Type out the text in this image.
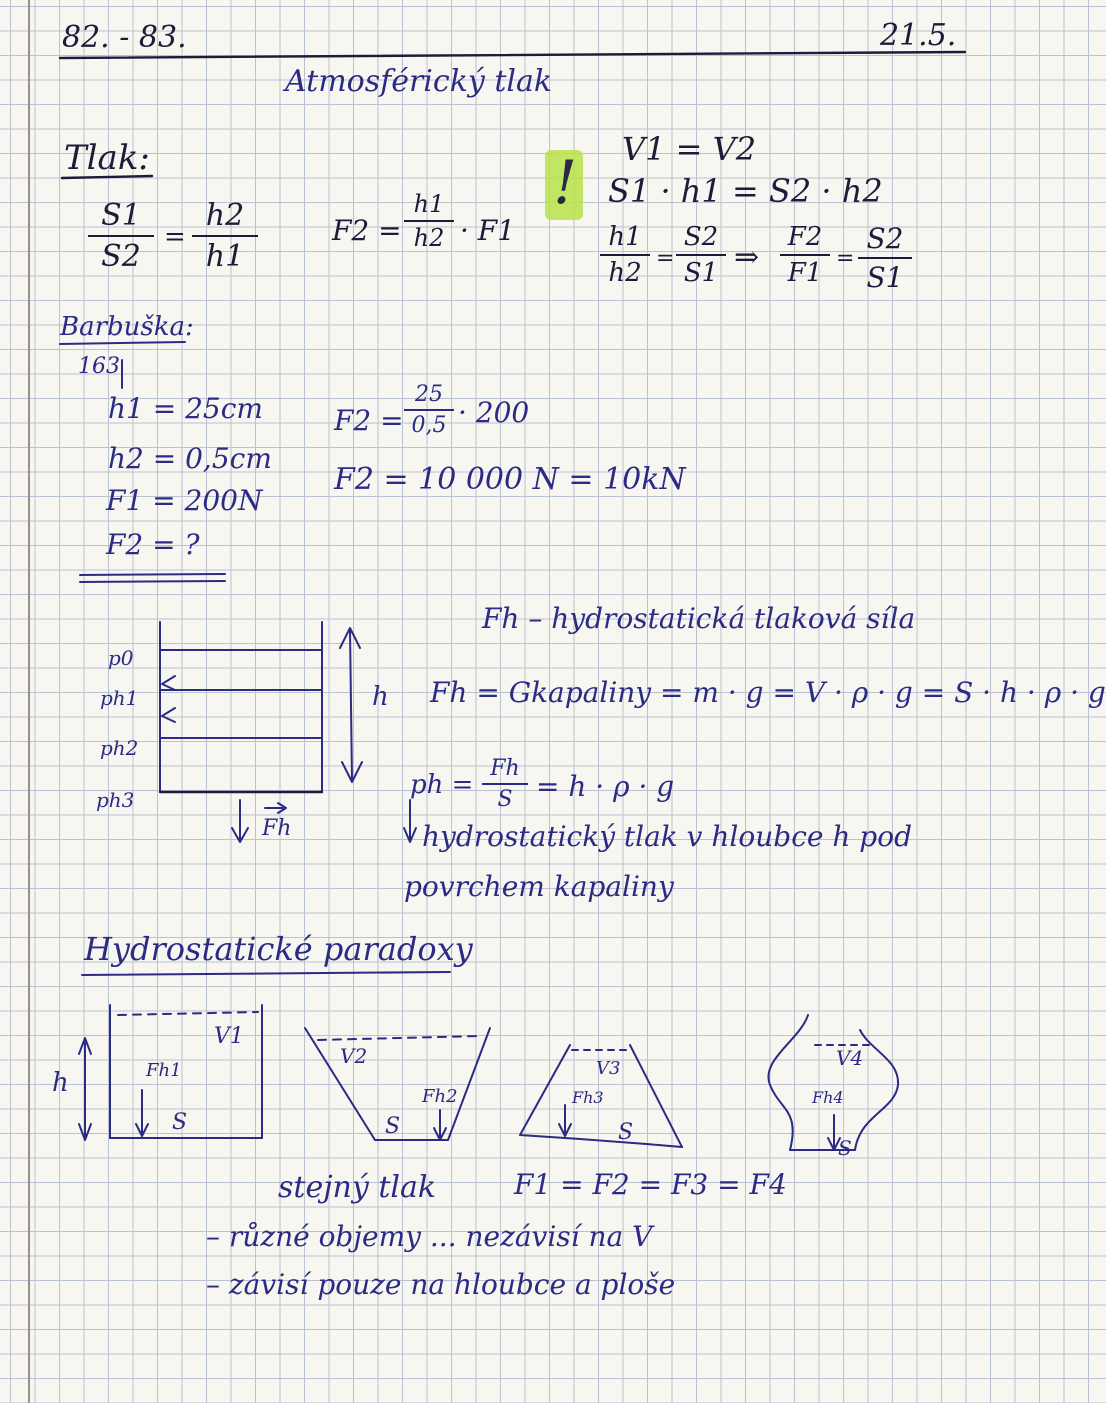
82. - 83.	21.5.
Atmosférický tlak
Tlak:
S1
S2
=
h2
h1
F2 =
h1
h2 · F1
! V1 = V2
S1 · h1 = S2 · h2
h1
h2 =
S2
S1 ⇒
F2
F1 =
S2
S1
Barbuška:
163
h1 = 25cm
h2 = 0,5cm
F1 = 200N
F2 = ?
F2 =
25
0,5 · 200
F2 = 10 000 N = 10kN
p0
ph1
ph2
ph3
h
Fh
Fh – hydrostatická tlaková síla
Fh = Gkapaliny = m · g = V · ρ · g = S · h · ρ · g
ph =
Fh
S = h · ρ · g
hydrostatický tlak v hloubce h pod
povrchem kapaliny
Hydrostatické paradoxy
h
V1
Fh1
S
V2
Fh2
S
V3
Fh3
S
V4
Fh4
S
stejný tlak	F1 = F2 = F3 = F4
– různé objemy ... nezávisí na V
– závisí pouze na hloubce a ploše
